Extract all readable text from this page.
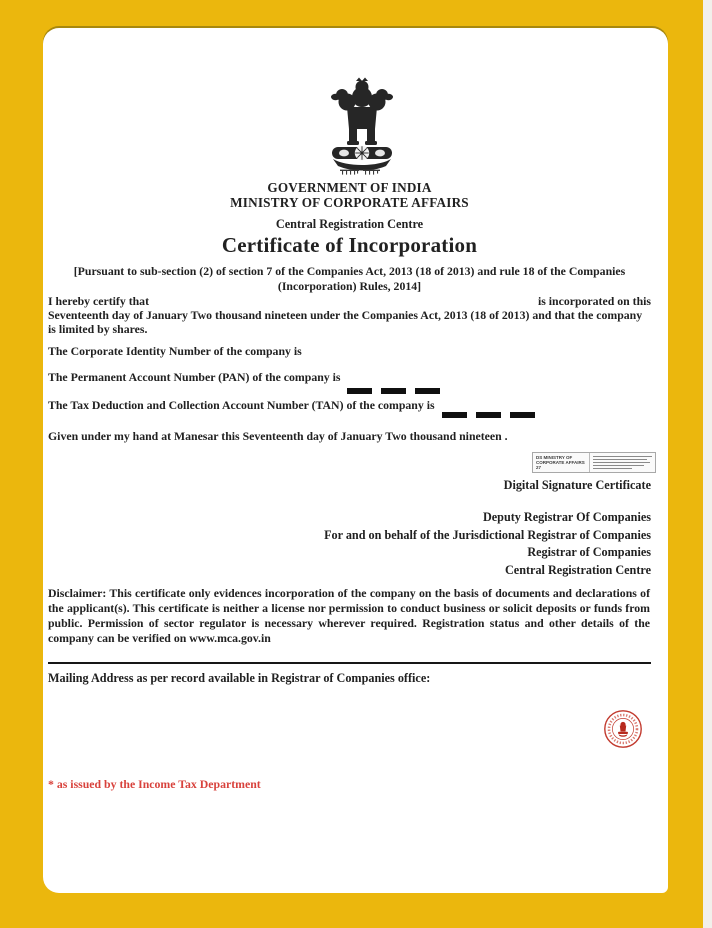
GOVERNMENT OF INDIA
MINISTRY OF CORPORATE AFFAIRS
Central Registration Centre
Certificate of Incorporation
[Pursuant to sub-section (2) of section 7 of the Companies Act, 2013 (18 of 2013) and rule 18 of the Companies (Incorporation) Rules, 2014]
I hereby certify that	is incorporated on this
Seventeenth day of January Two thousand nineteen under the Companies Act, 2013 (18 of 2013) and that the company is limited by shares.
The Corporate Identity Number of the company is
The Permanent Account Number (PAN) of the company is
The Tax Deduction and Collection Account Number (TAN) of the company is
Given under my hand at Manesar this Seventeenth day of January Two thousand nineteen .
DS MINISTRY OF CORPORATE AFFAIRS 27
Digital Signature Certificate
Deputy Registrar Of Companies
For and on behalf of the Jurisdictional Registrar of Companies
Registrar of Companies
Central Registration Centre
Disclaimer: This certificate only evidences incorporation of the company on the basis of documents and declarations of the applicant(s). This certificate is neither a license nor permission to conduct business or solicit deposits or funds from public. Permission of sector regulator is necessary wherever required. Registration status and other details of the company can be verified on www.mca.gov.in
Mailing Address as per record available in Registrar of Companies office:
* as issued by the Income Tax Department
